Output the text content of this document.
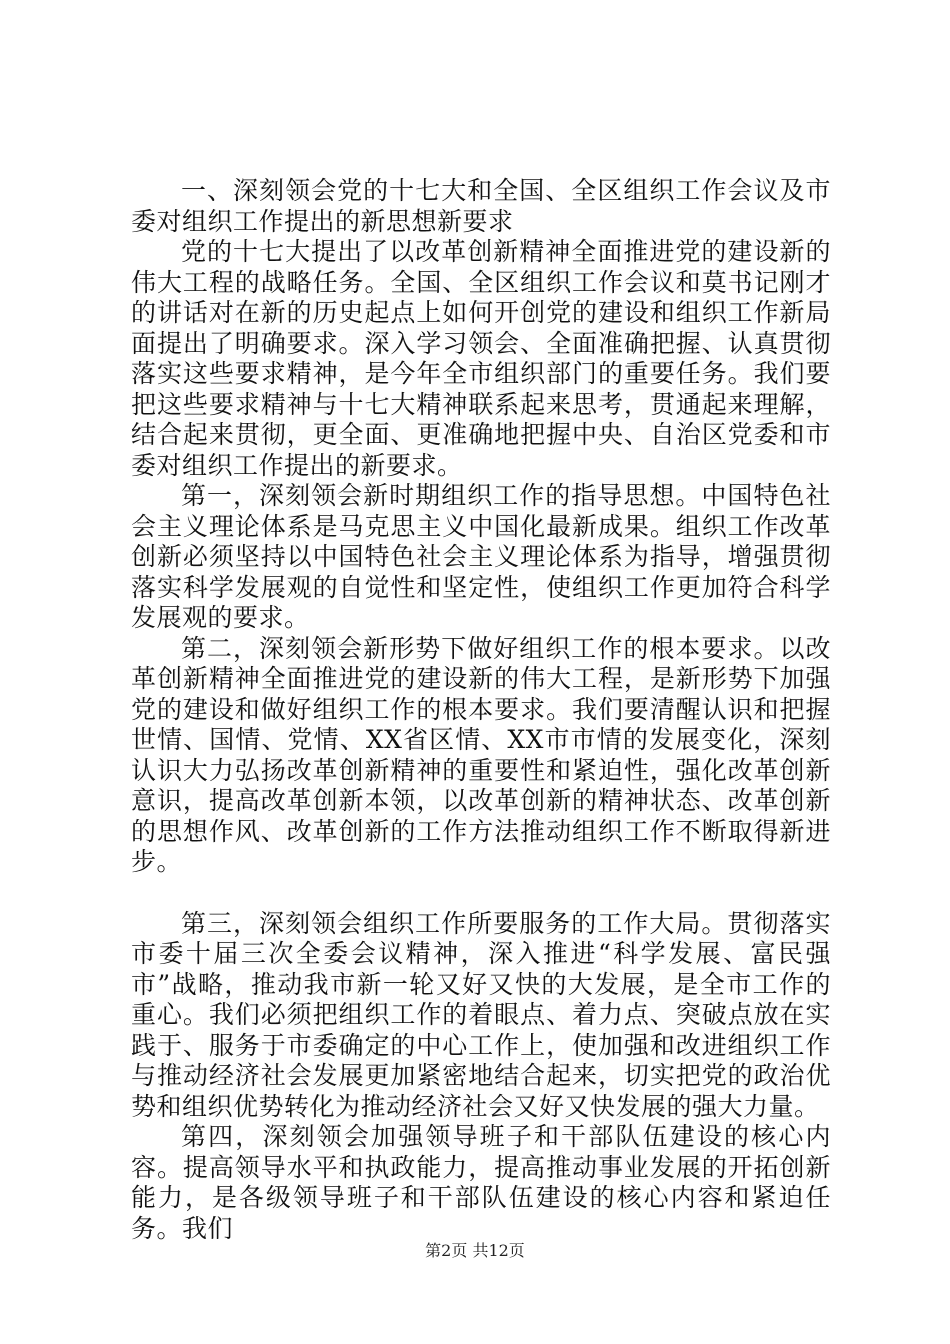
一、深刻领会党的十七大和全国、全区组织工作会议及市委对组织工作提出的新思想新要求

党的十七大提出了以改革创新精神全面推进党的建设新的伟大工程的战略任务。全国、全区组织工作会议和莫书记刚才的讲话对在新的历史起点上如何开创党的建设和组织工作新局面提出了明确要求。深入学习领会、全面准确把握、认真贯彻落实这些要求精神，是今年全市组织部门的重要任务。我们要把这些要求精神与十七大精神联系起来思考，贯通起来理解，结合起来贯彻，更全面、更准确地把握中央、自治区党委和市委对组织工作提出的新要求。

第一，深刻领会新时期组织工作的指导思想。中国特色社会主义理论体系是马克思主义中国化最新成果。组织工作改革创新必须坚持以中国特色社会主义理论体系为指导，增强贯彻落实科学发展观的自觉性和坚定性，使组织工作更加符合科学发展观的要求。

第二，深刻领会新形势下做好组织工作的根本要求。以改革创新精神全面推进党的建设新的伟大工程，是新形势下加强党的建设和做好组织工作的根本要求。我们要清醒认识和把握世情、国情、党情、XX省区情、XX市市情的发展变化，深刻认识大力弘扬改革创新精神的重要性和紧迫性，强化改革创新意识，提高改革创新本领，以改革创新的精神状态、改革创新的思想作风、改革创新的工作方法推动组织工作不断取得新进步。

第三，深刻领会组织工作所要服务的工作大局。贯彻落实市委十届三次全委会议精神，深入推进“科学发展、富民强市”战略，推动我市新一轮又好又快的大发展，是全市工作的重心。我们必须把组织工作的着眼点、着力点、突破点放在实践于、服务于市委确定的中心工作上，使加强和改进组织工作与推动经济社会发展更加紧密地结合起来，切实把党的政治优势和组织优势转化为推动经济社会又好又快发展的强大力量。

第四，深刻领会加强领导班子和干部队伍建设的核心内容。提高领导水平和执政能力，提高推动事业发展的开拓创新能力，是各级领导班子和干部队伍建设的核心内容和紧迫任务。我们

第2页 共12页
